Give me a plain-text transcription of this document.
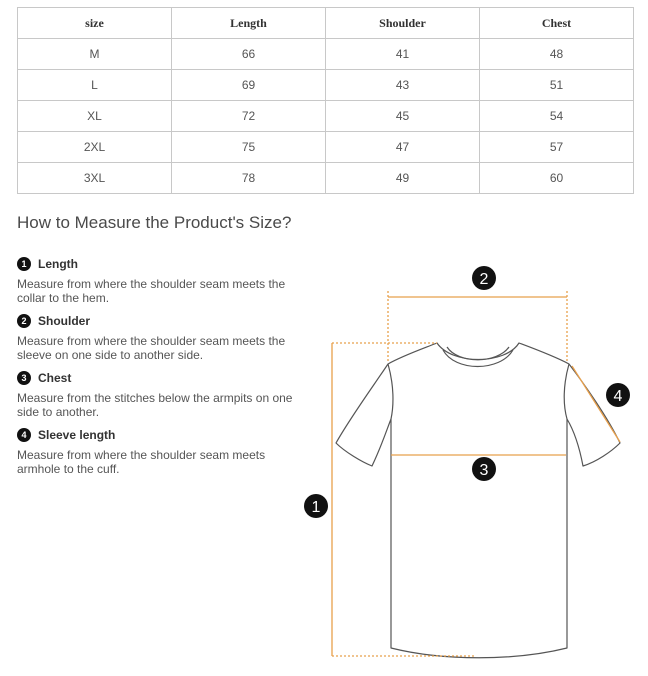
size	Length	Shoulder	Chest
M	66	41	48
L	69	43	51
XL	72	45	54
2XL	75	47	57
3XL	78	49	60
How to Measure the Product's Size?
1 Length
Measure from where the shoulder seam meets the collar to the hem.
2 Shoulder
Measure from where the shoulder seam meets the sleeve on one side to another side.
3 Chest
Measure from the stitches below the armpits on one side to another.
4 Sleeve length
Measure from where the shoulder seam meets armhole to the cuff.
1
2
3
4
